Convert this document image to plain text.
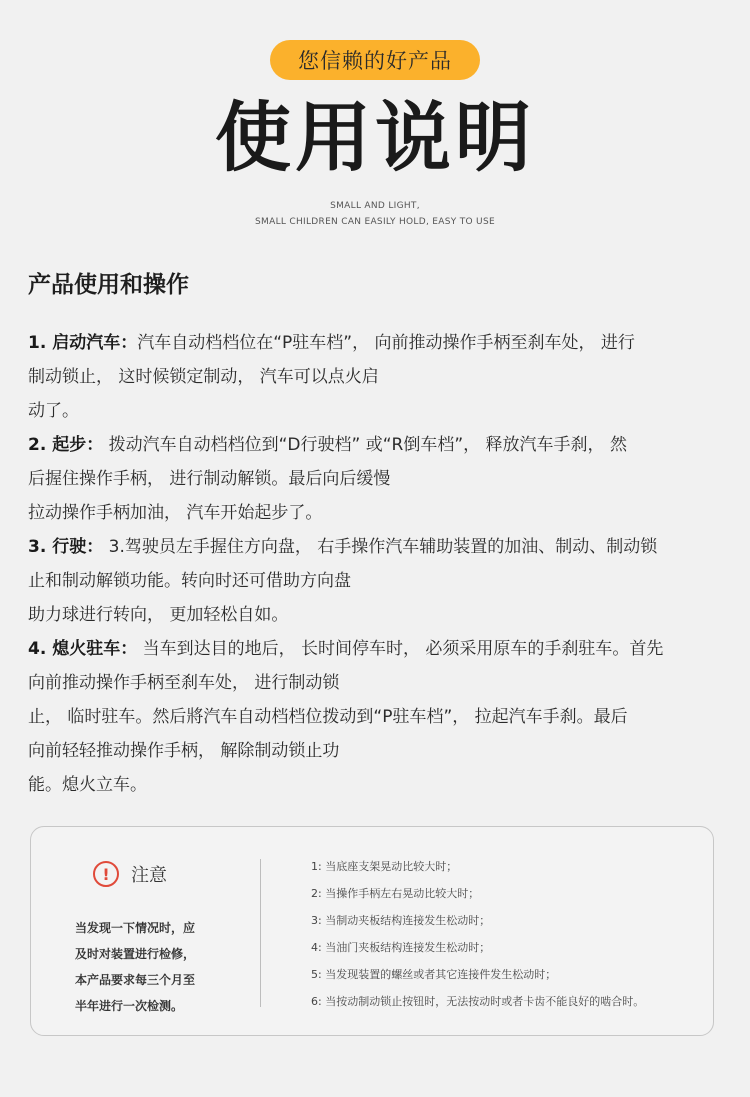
您信赖的好产品
使用说明
SMALL AND LIGHT,
SMALL CHILDREN CAN EASILY HOLD, EASY TO USE
产品使用和操作
1. 启动汽车：汽车自动档档位在“P驻车档”， 向前推动操作手柄至刹车处， 进行
制动锁止， 这时候锁定制动， 汽车可以点火启
动了。
2. 起步： 拨动汽车自动档档位到“D行驶档” 或“R倒车档”， 释放汽车手刹， 然
后握住操作手柄， 进行制动解锁。最后向后缓慢
拉动操作手柄加油， 汽车开始起步了。
3. 行驶： 3.驾驶员左手握住方向盘， 右手操作汽车辅助装置的加油、制动、制动锁
止和制动解锁功能。转向时还可借助方向盘
助力球进行转向， 更加轻松自如。
4. 熄火驻车： 当车到达目的地后， 长时间停车时， 必须采用原车的手刹驻车。首先
向前推动操作手柄至刹车处， 进行制动锁
止， 临时驻车。然后將汽车自动档档位拨动到“P驻车档”， 拉起汽车手刹。最后
向前轻轻推动操作手柄， 解除制动锁止功
能。熄火立车。
!	注意
当发现一下情况时，应
及时对装置进行检修，
本产品要求每三个月至
半年进行一次检测。
1: 当底座支架晃动比较大时；
2: 当操作手柄左右晃动比较大时；
3: 当制动夹板结构连接发生松动时；
4: 当油门夹板结构连接发生松动时；
5: 当发现装置的螺丝或者其它连接件发生松动时；
6: 当按动制动锁止按钮时，无法按动时或者卡齿不能良好的啮合时。
